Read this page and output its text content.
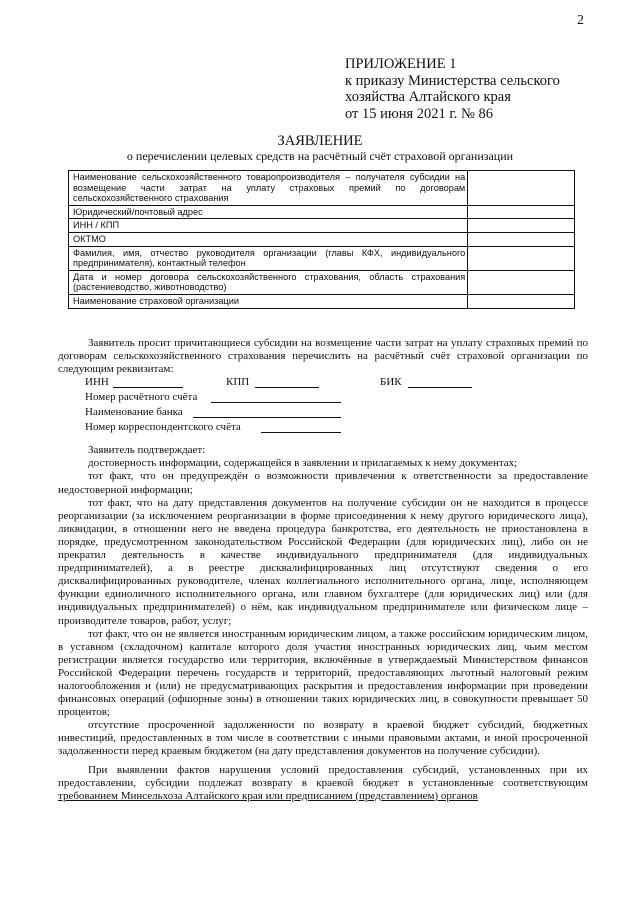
2
ПРИЛОЖЕНИЕ 1
к приказу Министерства сельского
хозяйства Алтайского края
от 15 июня 2021 г. № 86
ЗАЯВЛЕНИЕ
о перечислении целевых средств на расчётный счёт страховой организации
Наименование сельскохозяйственного товаропроизводителя – получателя субсидии на возмещение части затрат на уплату страховых премий по договорам сельскохозяйственного страхования	
Юридический/почтовый адрес	
ИНН / КПП	
ОКТМО	
Фамилия, имя, отчество руководителя организации (главы КФХ, индивидуального предпринимателя), контактный телефон	
Дата и номер договора сельскохозяйственного страхования, область страхования (растениеводство, животноводство)	
Наименование страховой организации	

Заявитель просит причитающиеся субсидии на возмещение части затрат на уплату страховых премий по договорам сельскохозяйственного страхования перечислить на расчётный счёт страховой организации по следующим реквизитам:

ИНН	КПП	БИК
Номер расчётного счёта
Наименование банка
Номер корреспондентского счёта

Заявитель подтверждает:

достоверность информации, содержащейся в заявлении и прилагаемых к нему документах;

тот факт, что он предупреждён о возможности привлечения к ответственности за предоставление недостоверной информации;

тот факт, что на дату представления документов на получение субсидии он не находится в процессе реорганизации (за исключением реорганизации в форме присоединения к нему другого юридического лица), ликвидации, в отношении него не введена процедура банкротства, его деятельность не приостановлена в порядке, предусмотренном законодательством Российской Федерации (для юридических лиц), либо он не прекратил деятельность в качестве индивидуального предпринимателя (для индивидуальных предпринимателей), а в реестре дисквалифицированных лиц отсутствуют сведения о его дисквалифицированных руководителе, членах коллегиального исполнительного органа, лице, исполняющем функции единоличного исполнительного органа, или главном бухгалтере (для юридических лиц) или (для индивидуальных предпринимателей) о нём, как индивидуальном предпринимателе или физическом лице – производителе товаров, работ, услуг;

тот факт, что он не является иностранным юридическим лицом, а также российским юридическим лицом, в уставном (складочном) капитале которого доля участия иностранных юридических лиц, чьим местом регистрации является государство или территория, включённые в утверждаемый Министерством финансов Российской Федерации перечень государств и территорий, предоставляющих льготный налоговый режим налогообложения и (или) не предусматривающих раскрытия и предоставления информации при проведении финансовых операций (офшорные зоны) в отношении таких юридических лиц, в совокупности превышает 50 процентов;

отсутствие просроченной задолженности по возврату в краевой бюджет субсидий, бюджетных инвестиций, предоставленных в том числе в соответствии с иными правовыми актами, и иной просроченной задолженности перед краевым бюджетом (на дату представления документов на получение субсидии).

При выявлении фактов нарушения условий предоставления субсидий, установленных при их предоставлении, субсидии подлежат возврату в краевой бюджет в установленные соответствующим требованием Минсельхоза Алтайского края или предписанием (представлением) органов
